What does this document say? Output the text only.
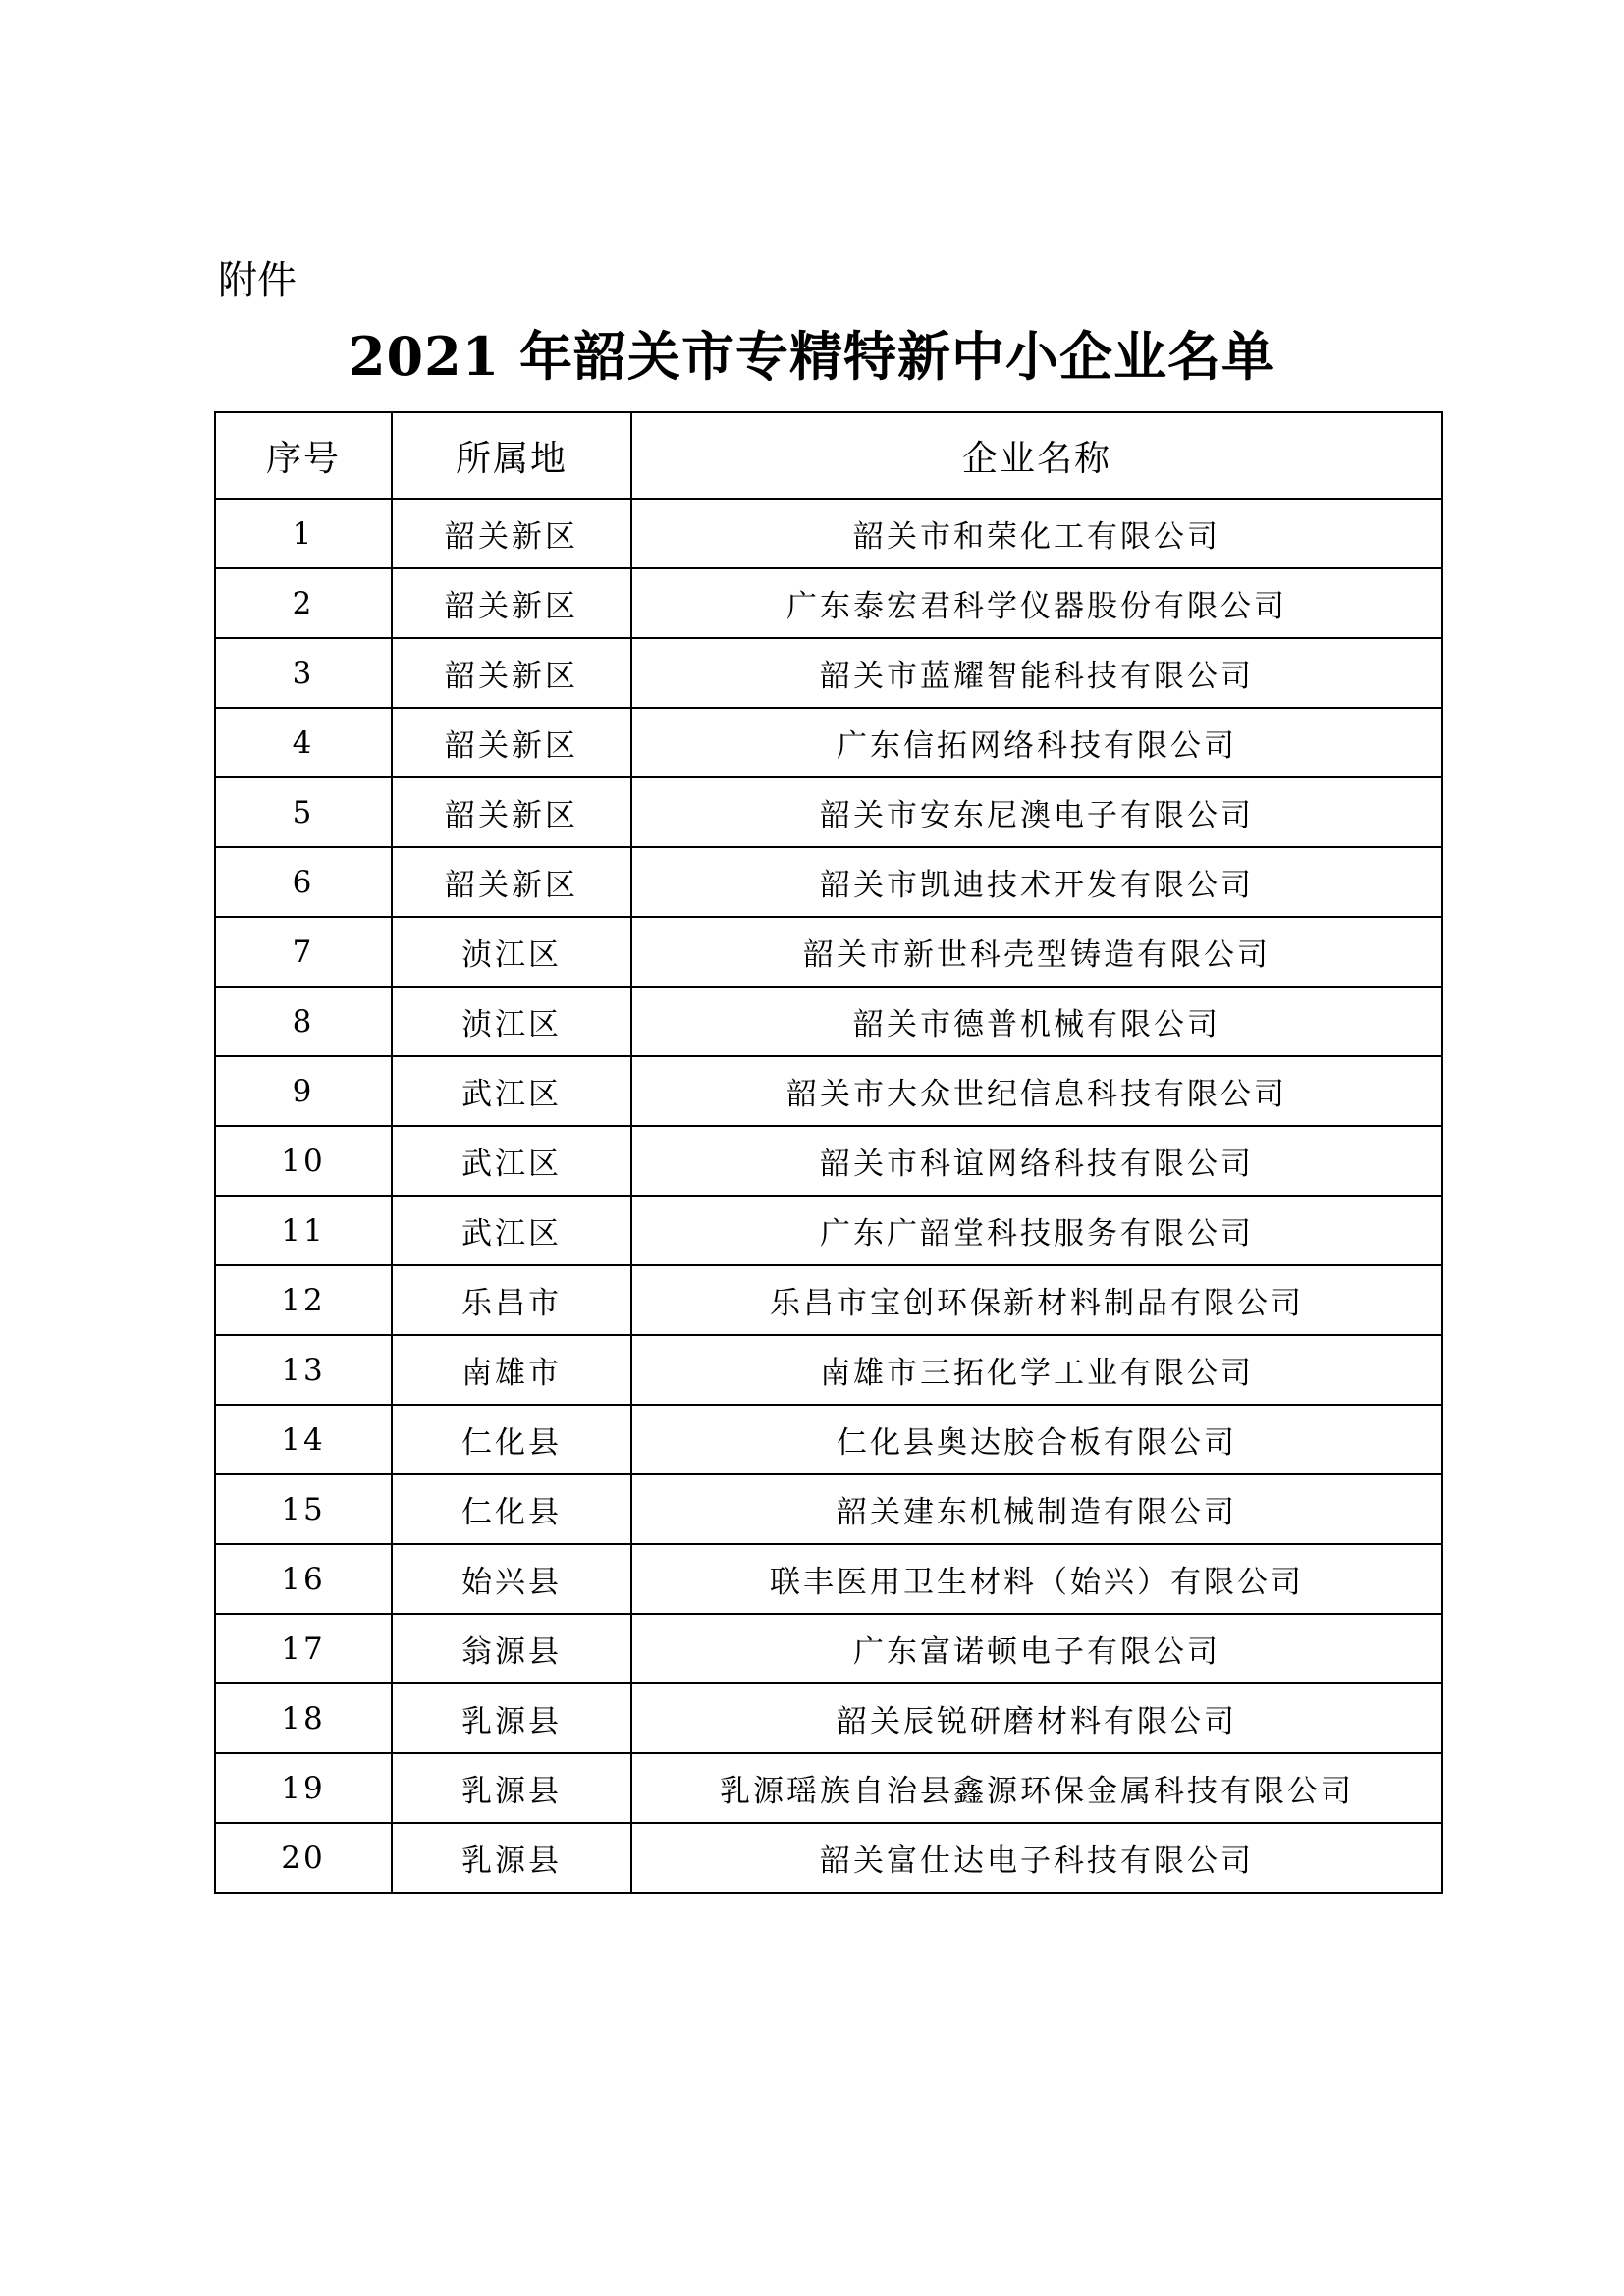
附件
2021 年韶关市专精特新中小企业名单
序号	所属地	企业名称
1	韶关新区	韶关市和荣化工有限公司
2	韶关新区	广东泰宏君科学仪器股份有限公司
3	韶关新区	韶关市蓝耀智能科技有限公司
4	韶关新区	广东信拓网络科技有限公司
5	韶关新区	韶关市安东尼澳电子有限公司
6	韶关新区	韶关市凯迪技术开发有限公司
7	浈江区	韶关市新世科壳型铸造有限公司
8	浈江区	韶关市德普机械有限公司
9	武江区	韶关市大众世纪信息科技有限公司
10	武江区	韶关市科谊网络科技有限公司
11	武江区	广东广韶堂科技服务有限公司
12	乐昌市	乐昌市宝创环保新材料制品有限公司
13	南雄市	南雄市三拓化学工业有限公司
14	仁化县	仁化县奥达胶合板有限公司
15	仁化县	韶关建东机械制造有限公司
16	始兴县	联丰医用卫生材料（始兴）有限公司
17	翁源县	广东富诺顿电子有限公司
18	乳源县	韶关辰锐研磨材料有限公司
19	乳源县	乳源瑶族自治县鑫源环保金属科技有限公司
20	乳源县	韶关富仕达电子科技有限公司
